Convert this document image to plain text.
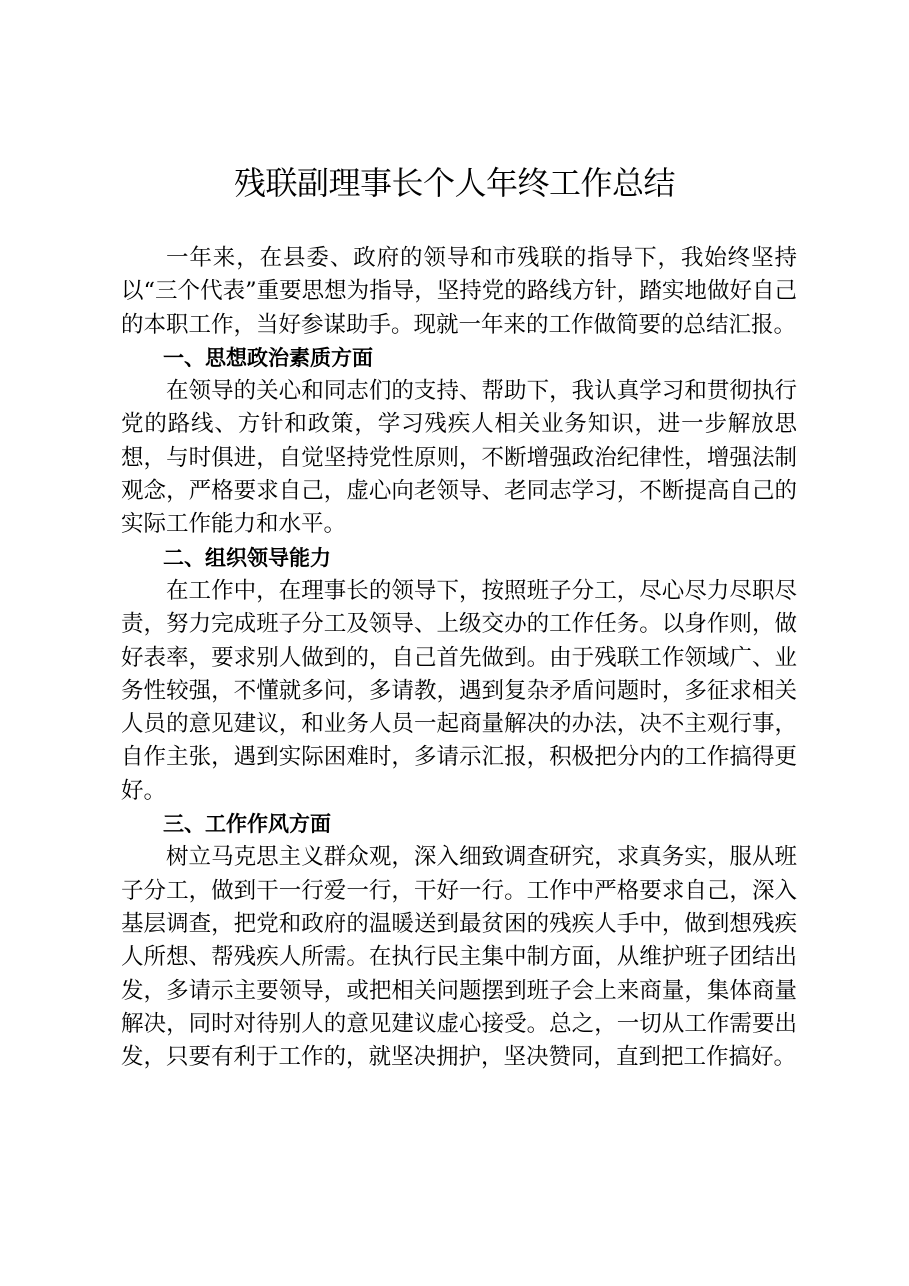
残联副理事长个人年终工作总结

一年来，在县委、政府的领导和市残联的指导下，我始终坚持以“三个代表”重要思想为指导，坚持党的路线方针，踏实地做好自己的本职工作，当好参谋助手。现就一年来的工作做简要的总结汇报。

一、思想政治素质方面

在领导的关心和同志们的支持、帮助下，我认真学习和贯彻执行党的路线、方针和政策，学习残疾人相关业务知识，进一步解放思想，与时俱进，自觉坚持党性原则，不断增强政治纪律性，增强法制观念，严格要求自己，虚心向老领导、老同志学习，不断提高自己的实际工作能力和水平。

二、组织领导能力

在工作中，在理事长的领导下，按照班子分工，尽心尽力尽职尽责，努力完成班子分工及领导、上级交办的工作任务。以身作则，做好表率，要求别人做到的，自己首先做到。由于残联工作领域广、业务性较强，不懂就多问，多请教，遇到复杂矛盾问题时，多征求相关人员的意见建议，和业务人员一起商量解决的办法，决不主观行事，自作主张，遇到实际困难时，多请示汇报，积极把分内的工作搞得更好。

三、工作作风方面

树立马克思主义群众观，深入细致调查研究，求真务实，服从班子分工，做到干一行爱一行，干好一行。工作中严格要求自己，深入基层调查，把党和政府的温暖送到最贫困的残疾人手中，做到想残疾人所想、帮残疾人所需。在执行民主集中制方面，从维护班子团结出发，多请示主要领导，或把相关问题摆到班子会上来商量，集体商量解决，同时对待别人的意见建议虚心接受。总之，一切从工作需要出发，只要有利于工作的，就坚决拥护，坚决赞同，直到把工作搞好。
